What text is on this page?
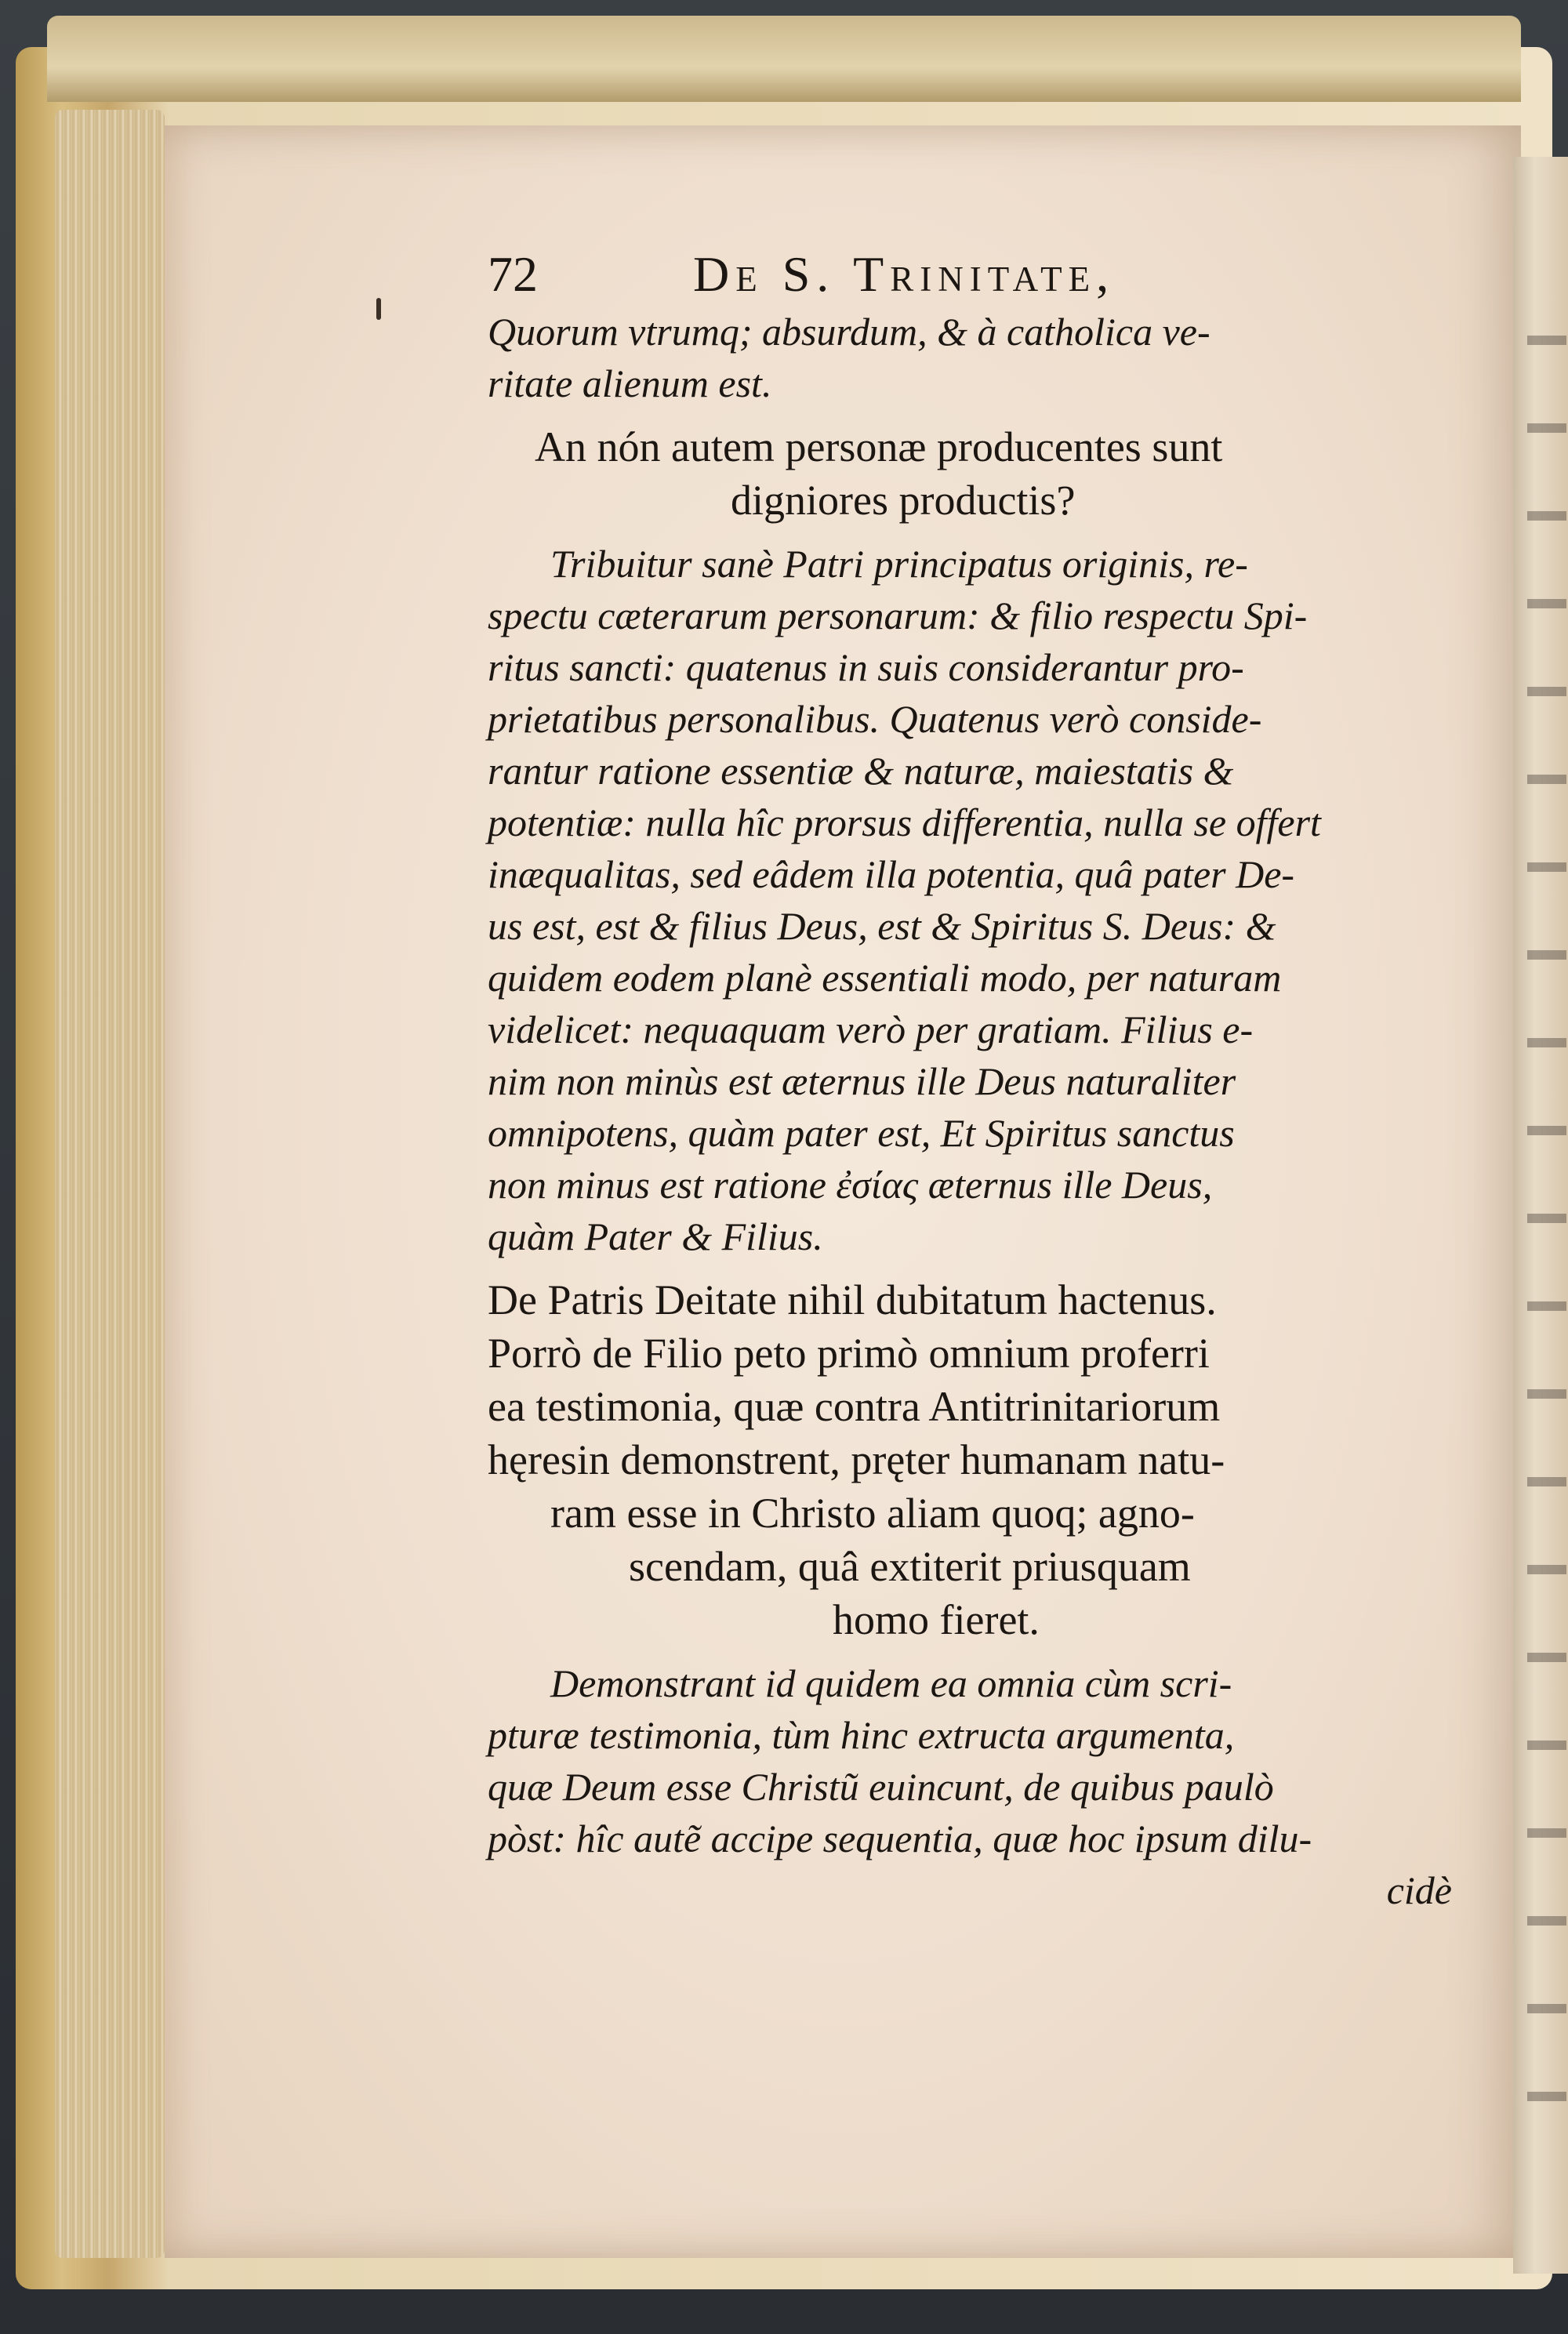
72	De S. Trinitate,
Quorum vtrumq; absurdum, & à catholica ve-
ritate alienum est.
An nón autem personæ producentes sunt
digniores productis?
Tribuitur sanè Patri principatus originis, re-
spectu cæterarum personarum: & filio respectu Spi-
ritus sancti: quatenus in suis considerantur pro-
prietatibus personalibus. Quatenus verò conside-
rantur ratione essentiæ & naturæ, maiestatis &
potentiæ: nulla hîc prorsus differentia, nulla se offert
inæqualitas, sed eâdem illa potentia, quâ pater De-
us est, est & filius Deus, est & Spiritus S. Deus: &
quidem eodem planè essentiali modo, per naturam
videlicet: nequaquam verò per gratiam. Filius e-
nim non minùs est æternus ille Deus naturaliter
omnipotens, quàm pater est, Et Spiritus sanctus
non minus est ratione ἐσίας æternus ille Deus,
quàm Pater & Filius.
De Patris Deitate nihil dubitatum hactenus.
Porrò de Filio peto primò omnium proferri
ea testimonia, quæ contra Antitrinitariorum
hęresin demonstrent, pręter humanam natu-
ram esse in Christo aliam quoq; agno-
scendam, quâ extiterit priusquam
homo fieret.
Demonstrant id quidem ea omnia cùm scri-
pturæ testimonia, tùm hinc extructa argumenta,
quæ Deum esse Christũ euincunt, de quibus paulò
pòst: hîc autẽ accipe sequentia, quæ hoc ipsum dilu-
cidè
